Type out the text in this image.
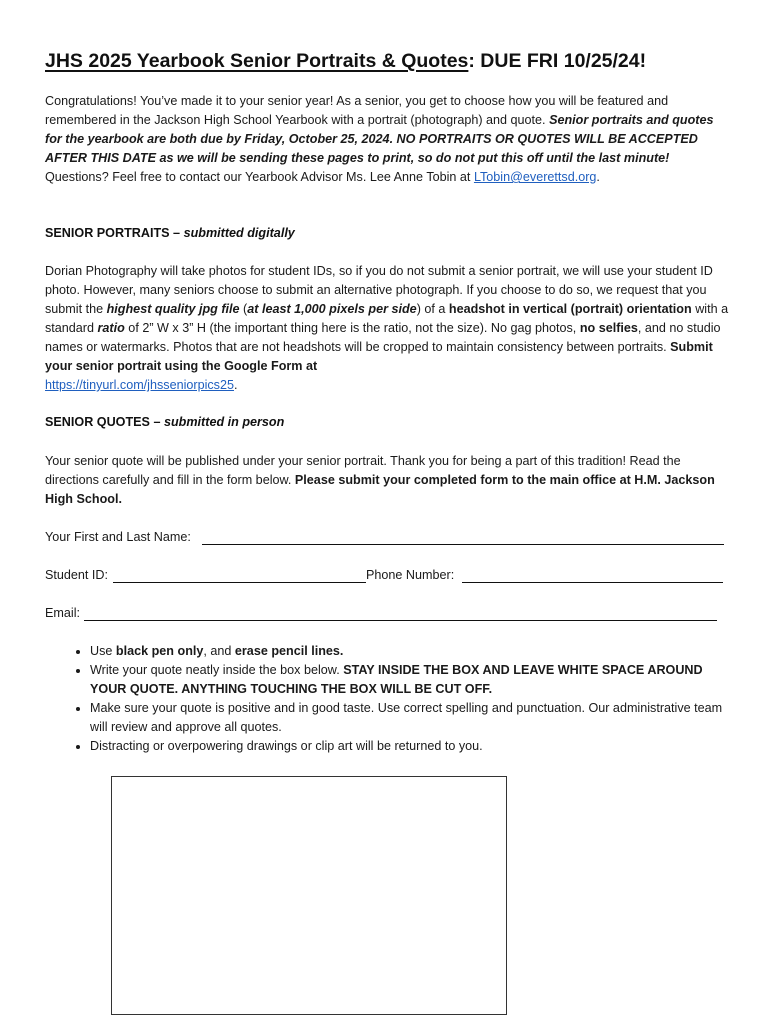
JHS 2025 Yearbook Senior Portraits & Quotes: DUE FRI 10/25/24!
Congratulations! You’ve made it to your senior year! As a senior, you get to choose how you will be featured and remembered in the Jackson High School Yearbook with a portrait (photograph) and quote. Senior portraits and quotes for the yearbook are both due by Friday, October 25, 2024. NO PORTRAITS OR QUOTES WILL BE ACCEPTED AFTER THIS DATE as we will be sending these pages to print, so do not put this off until the last minute! Questions? Feel free to contact our Yearbook Advisor Ms. Lee Anne Tobin at LTobin@everettsd.org.
SENIOR PORTRAITS – submitted digitally
Dorian Photography will take photos for student IDs, so if you do not submit a senior portrait, we will use your student ID photo. However, many seniors choose to submit an alternative photograph. If you choose to do so, we request that you submit the highest quality jpg file (at least 1,000 pixels per side) of a headshot in vertical (portrait) orientation with a standard ratio of 2” W x 3” H (the important thing here is the ratio, not the size). No gag photos, no selfies, and no studio names or watermarks. Photos that are not headshots will be cropped to maintain consistency between portraits. Submit your senior portrait using the Google Form at
https://tinyurl.com/jhsseniorpics25.
SENIOR QUOTES – submitted in person
Your senior quote will be published under your senior portrait. Thank you for being a part of this tradition! Read the directions carefully and fill in the form below. Please submit your completed form to the main office at H.M. Jackson High School.
Your First and Last Name:
Student ID:	Phone Number:
Email:
• Use black pen only, and erase pencil lines.
• Write your quote neatly inside the box below. STAY INSIDE THE BOX AND LEAVE WHITE SPACE AROUND YOUR QUOTE. ANYTHING TOUCHING THE BOX WILL BE CUT OFF.
• Make sure your quote is positive and in good taste. Use correct spelling and punctuation. Our administrative team will review and approve all quotes.
• Distracting or overpowering drawings or clip art will be returned to you.
